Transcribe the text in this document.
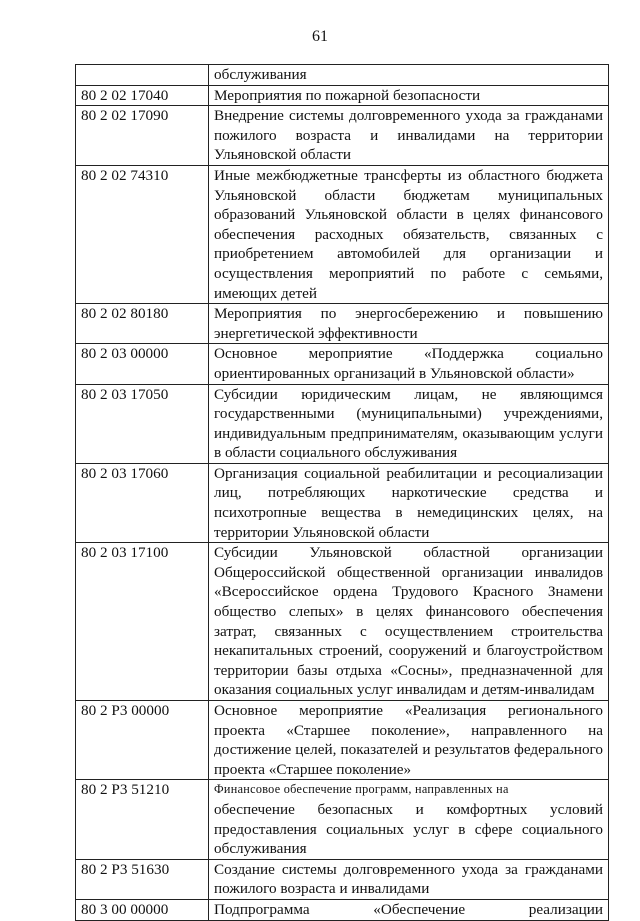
61
	обслуживания
80 2 02 17040	Мероприятия по пожарной безопасности
80 2 02 17090	Внедрение системы долговременного ухода за гражданами пожилого возраста и инвалидами на территории Ульяновской области
80 2 02 74310	Иные межбюджетные трансферты из областного бюджета Ульяновской области бюджетам муниципальных образований Ульяновской области в целях финансового обеспечения расходных обязательств, связанных с приобретением автомобилей для организации и осуществления мероприятий по работе с семьями, имеющих детей
80 2 02 80180	Мероприятия по энергосбережению и повышению энергетической эффективности
80 2 03 00000	Основное мероприятие «Поддержка социально ориентированных организаций в Ульяновской области»
80 2 03 17050	Субсидии юридическим лицам, не являющимся государственными (муниципальными) учреждениями, индивидуальным предпринимателям, оказывающим услуги в области социального обслуживания
80 2 03 17060	Организация социальной реабилитации и ресоциализации лиц, потребляющих наркотические средства и психотропные вещества в немедицинских целях, на территории Ульяновской области
80 2 03 17100	Субсидии Ульяновской областной организации Общероссийской общественной организации инвалидов «Всероссийское ордена Трудового Красного Знамени общество слепых» в целях финансового обеспечения затрат, связанных с осуществлением строительства некапитальных строений, сооружений и благоустройством территории базы отдыха «Сосны», предназначенной для оказания социальных услуг инвалидам и детям-инвалидам
80 2 P3 00000	Основное мероприятие «Реализация регионального проекта «Старшее поколение», направленного на достижение целей, показателей и результатов федерального проекта «Старшее поколение»
80 2 P3 51210	Финансовое обеспечение программ, направленных на
обеспечение безопасных и комфортных условий предоставления социальных услуг в сфере социального обслуживания

80 2 P3 51630	Создание системы долговременного ухода за гражданами пожилого возраста и инвалидами
80 3 00 00000	Подпрограмма «Обеспечение реализации
